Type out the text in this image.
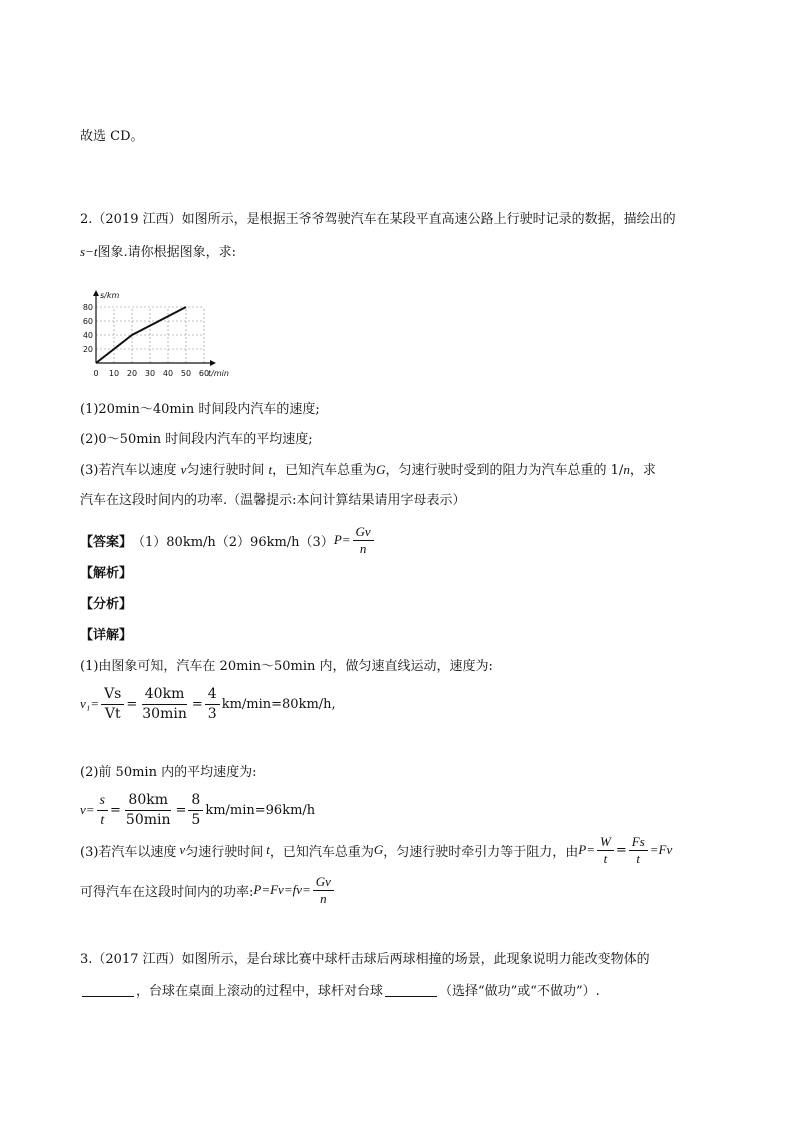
故选 CD。
2.（2019 江西）如图所示，是根据王爷爷驾驶汽车在某段平直高速公路上行驶时记录的数据，描绘出的
s−t图象.请你根据图象，求:
0 10 20 30 40 50 60
20
40
60
80
s/km
t/min
(1)20min～40min 时间段内汽车的速度;
(2)0～50min 时间段内汽车的平均速度;
(3)若汽车以速度 v匀速行驶时间 t，已知汽车总重为G，匀速行驶时受到的阻力为汽车总重的 1/n，求
汽车在这段时间内的功率.（温馨提示:本问计算结果请用字母表示）
【答案】 （1）80km/h（2）96km/h（3） $P= \frac{Gv}{n}$
【解析】
【分析】
【详解】
(1)由图象可知，汽车在 20min～50min 内，做匀速直线运动，速度为:
$v_1= \frac{Vs}{Vt} = \frac{40km}{30\min} = \frac{4}{3} km/\min=80km/h$,
(2)前 50min 内的平均速度为:
$v= \frac{s}{t} = \frac{80km}{50\min} = \frac{8}{5} km/\min=96km/h$
(3)若汽车以速度 v 匀速行驶时间 t ，已知汽车总重为 G ，匀速行驶时牵引力等于阻力，由 $P= \frac{W}{t} = \frac{Fs}{t} =Fv$
可得汽车在这段时间内的功率: $P=Fv=fv= \frac{Gv}{n}$
3.（2017 江西）如图所示，是台球比赛中球杆击球后两球相撞的场景，此现象说明力能改变物体的
，台球在桌面上滚动的过程中，球杆对台球	（选择“做功”或“不做功”）.
